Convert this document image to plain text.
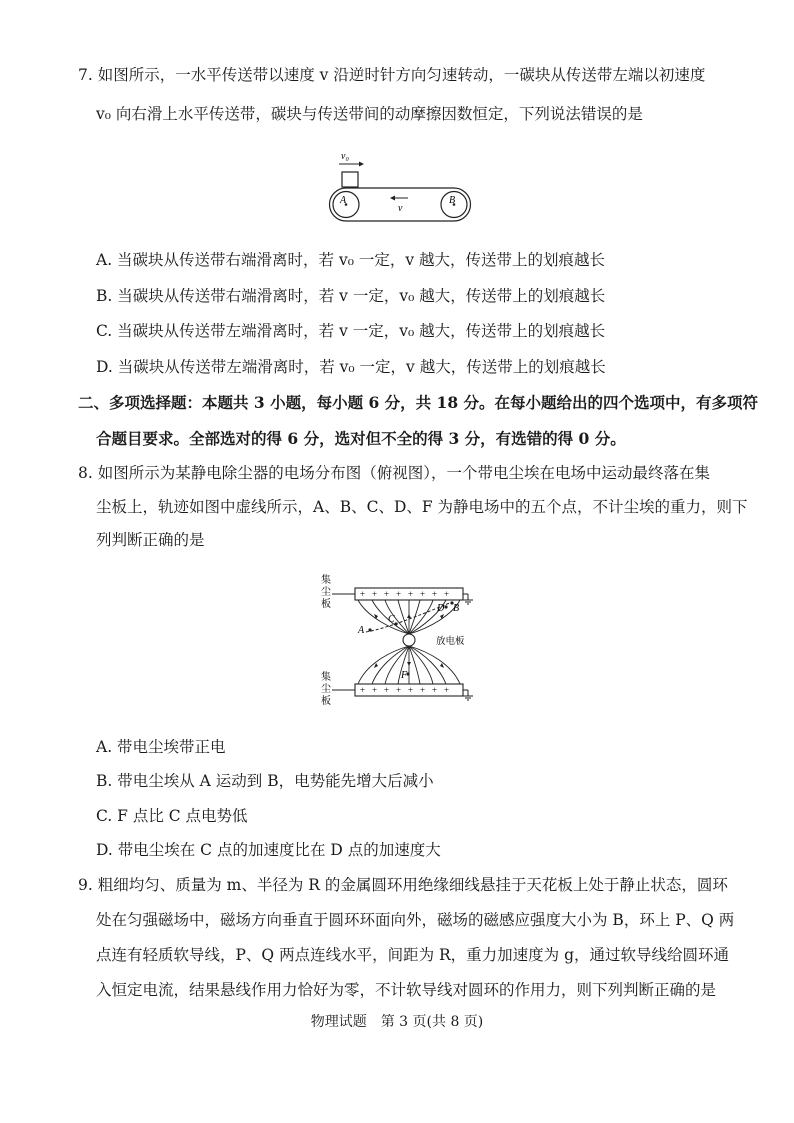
7. 如图所示，一水平传送带以速度 v 沿逆时针方向匀速转动，一碳块从传送带左端以初速度
v₀ 向右滑上水平传送带，碳块与传送带间的动摩擦因数恒定，下列说法错误的是
v₀
A	B
v
A. 当碳块从传送带右端滑离时，若 v₀ 一定，v 越大，传送带上的划痕越长
B. 当碳块从传送带右端滑离时，若 v 一定，v₀ 越大，传送带上的划痕越长
C. 当碳块从传送带左端滑离时，若 v 一定，v₀ 越大，传送带上的划痕越长
D. 当碳块从传送带左端滑离时，若 v₀ 一定，v 越大，传送带上的划痕越长
二、多项选择题：本题共 3 小题，每小题 6 分，共 18 分。在每小题给出的四个选项中，有多项符
合题目要求。全部选对的得 6 分，选对但不全的得 3 分，有选错的得 0 分。
8. 如图所示为某静电除尘器的电场分布图（俯视图），一个带电尘埃在电场中运动最终落在集
尘板上，轨迹如图中虚线所示，A、B、C、D、F 为静电场中的五个点，不计尘埃的重力，则下
列判断正确的是
集
尘
板
+ + + + + + + +
集
尘
板
+ + + + + + + +
放电板
A
C
D B
F
A. 带电尘埃带正电
B. 带电尘埃从 A 运动到 B，电势能先增大后减小
C. F 点比 C 点电势低
D. 带电尘埃在 C 点的加速度比在 D 点的加速度大
9. 粗细均匀、质量为 m、半径为 R 的金属圆环用绝缘细线悬挂于天花板上处于静止状态，圆环
处在匀强磁场中，磁场方向垂直于圆环环面向外，磁场的磁感应强度大小为 B，环上 P、Q 两
点连有轻质软导线，P、Q 两点连线水平，间距为 R，重力加速度为 g，通过软导线给圆环通
入恒定电流，结果悬线作用力恰好为零，不计软导线对圆环的作用力，则下列判断正确的是
物理试题　第 3 页(共 8 页)
